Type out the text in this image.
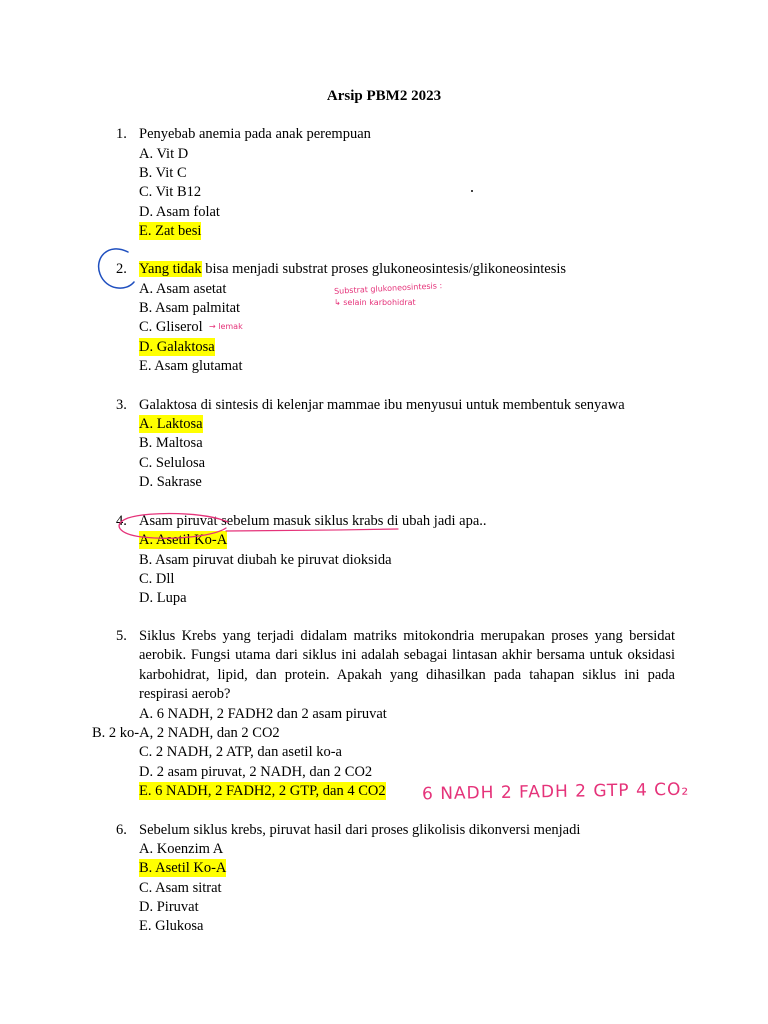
Arsip PBM2 2023
1. Penyebab anemia pada anak perempuan
A. Vit D
B. Vit C
C. Vit B12
D. Asam folat
E. Zat besi
2. Yang tidak bisa menjadi substrat proses glukoneosintesis/glikoneosintesis
A. Asam asetat
B. Asam palmitat
C. Gliserol
D. Galaktosa
E. Asam glutamat
3. Galaktosa di sintesis di kelenjar mammae ibu menyusui untuk membentuk senyawa
A. Laktosa
B. Maltosa
C. Selulosa
D. Sakrase
4. Asam piruvat sebelum masuk siklus krabs di ubah jadi apa..
A. Asetil Ko-A
B. Asam piruvat diubah ke piruvat dioksida
C. Dll
D. Lupa
5. Siklus Krebs yang terjadi didalam matriks mitokondria merupakan proses yang bersidat aerobik. Fungsi utama dari siklus ini adalah sebagai lintasan akhir bersama untuk oksidasi karbohidrat, lipid, dan protein. Apakah yang dihasilkan pada tahapan siklus ini pada respirasi aerob?
A. 6 NADH, 2 FADH2 dan 2 asam piruvat
B. 2 ko-A, 2 NADH, dan 2 CO2
C. 2 NADH, 2 ATP, dan asetil ko-a
D. 2 asam piruvat, 2 NADH, dan 2 CO2
E. 6 NADH, 2 FADH2, 2 GTP, dan 4 CO2
6. Sebelum siklus krebs, piruvat hasil dari proses glikolisis dikonversi menjadi
A. Koenzim A
B. Asetil Ko-A
C. Asam sitrat
D. Piruvat
E. Glukosa
Substrat glukoneosintesis :
↳ selain karbohidrat
→ lemak
6 NADH 2 FADH 2 GTP 4 CO₂
